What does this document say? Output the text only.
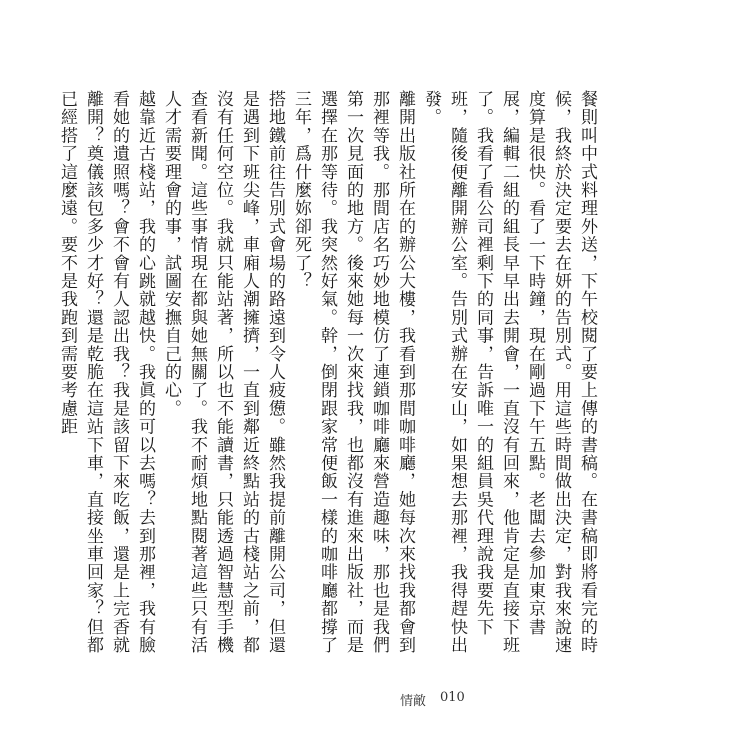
餐則叫中式料理外送，下午校閱了要上傳的書稿。在書稿即將看完的時候，我終於決定要去在妍的告別式。用這些時間做出決定，對我來說速度算是很快。看了一下時鐘，現在剛過下午五點。老闆去參加東京書展，編輯二組的組長早早出去開會，一直沒有回來，他肯定是直接下班了。我看了看公司裡剩下的同事，告訴唯一的組員吳代理說我要先下班，隨後便離開辦公室。告別式辦在安山，如果想去那裡，我得趕快出發。

離開出版社所在的辦公大樓，我看到那間咖啡廳，她每次來找我都會到那裡等我。那間店名巧妙地模仿了連鎖咖啡廳來營造趣味，那也是我們第一次見面的地方。後來她每一次來找我，也都沒有進來出版社，而是選擇在那等待。我突然好氣。幹，倒閉跟家常便飯一樣的咖啡廳都撐了三年，爲什麼妳卻死了？

搭地鐵前往告別式會場的路遠到令人疲憊。雖然我提前離開公司，但還是遇到下班尖峰，車廂人潮擁擠，一直到鄰近終點站的古棧站之前，都沒有任何空位。我就只能站著，所以也不能讀書，只能透過智慧型手機查看新聞。這些事情現在都與她無關了。我不耐煩地點閱著這些只有活人才需要理會的事，試圖安撫自己的心。

越靠近古棧站，我的心跳就越快。我眞的可以去嗎？去到那裡，我有臉看她的遺照嗎？會不會有人認出我？我是該留下來吃飯，還是上完香就離開？奠儀該包多少才好？還是乾脆在這站下車，直接坐車回家？但都已經搭了這麼遠。要不是我跑到需要考慮距

情敵 010
